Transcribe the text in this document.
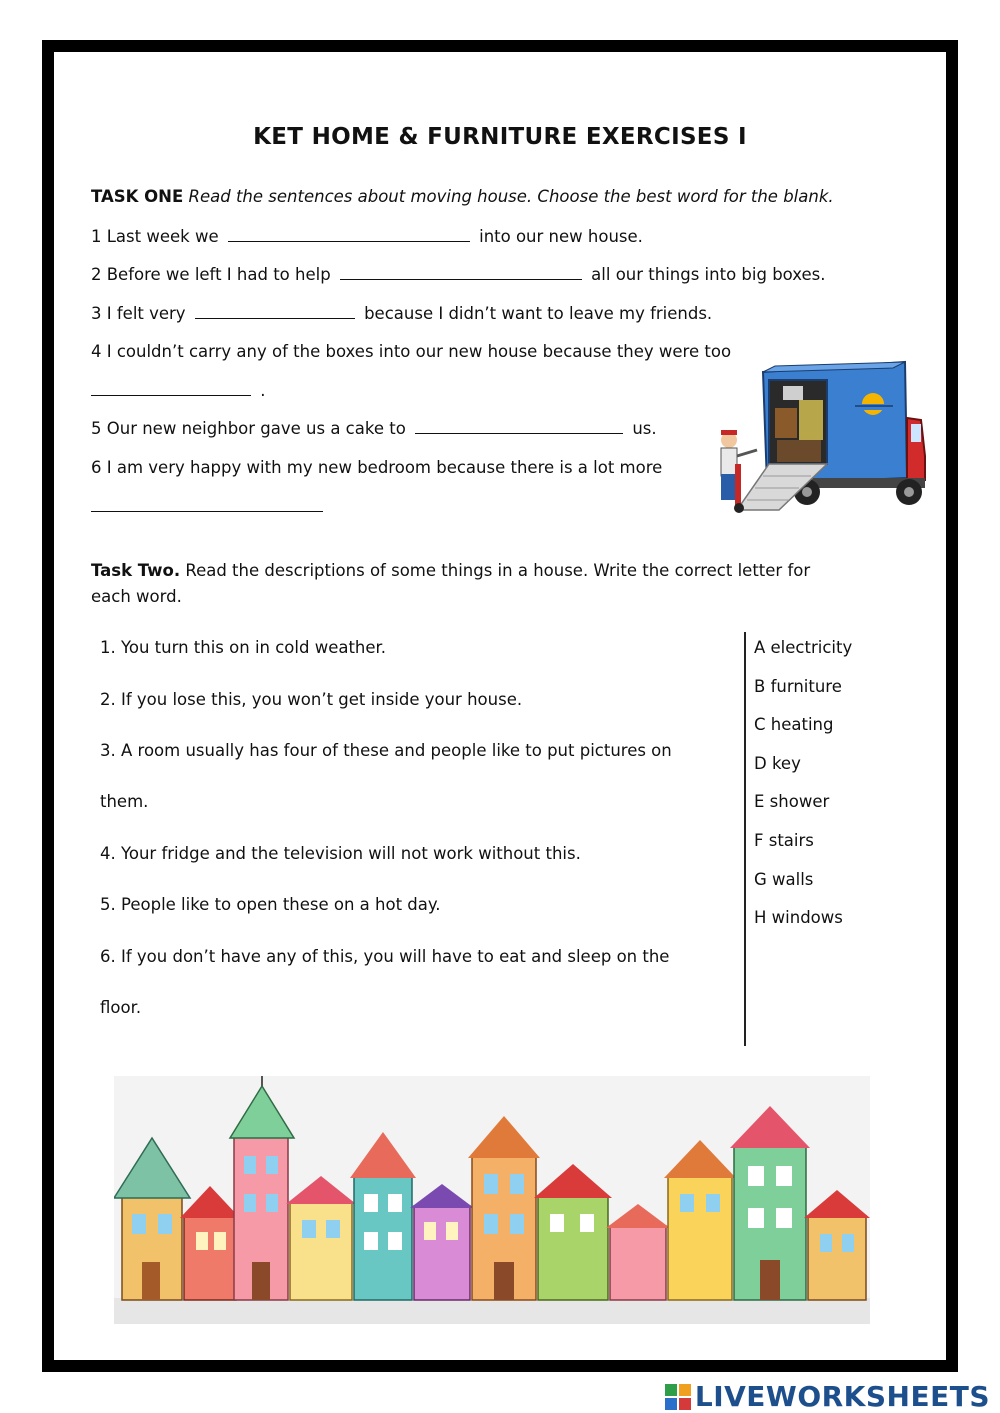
KET HOME & FURNITURE EXERCISES I
TASK ONE Read the sentences about moving house. Choose the best word for the blank.
1 Last week we	into our new house.
2 Before we left I had to help	all our things into big boxes.
3 I felt very	because I didn’t want to leave my friends.
4 I couldn’t carry any of the boxes into our new house because they were too
.
5 Our new neighbor gave us a cake to	us.
6 I am very happy with my new bedroom because there is a lot more
Task Two. Read the descriptions of some things in a house. Write the correct letter for
each word.
1. You turn this on in cold weather.
2. If you lose this, you won’t get inside your house.
3. A room usually has four of these and people like to put pictures on
them.
4. Your fridge and the television will not work without this.
5. People like to open these on a hot day.
6. If you don’t have any of this, you will have to eat and sleep on the
floor.
A electricity
B furniture
C heating
D key
E shower
F stairs
G walls
H windows
LIVEWORKSHEETS
